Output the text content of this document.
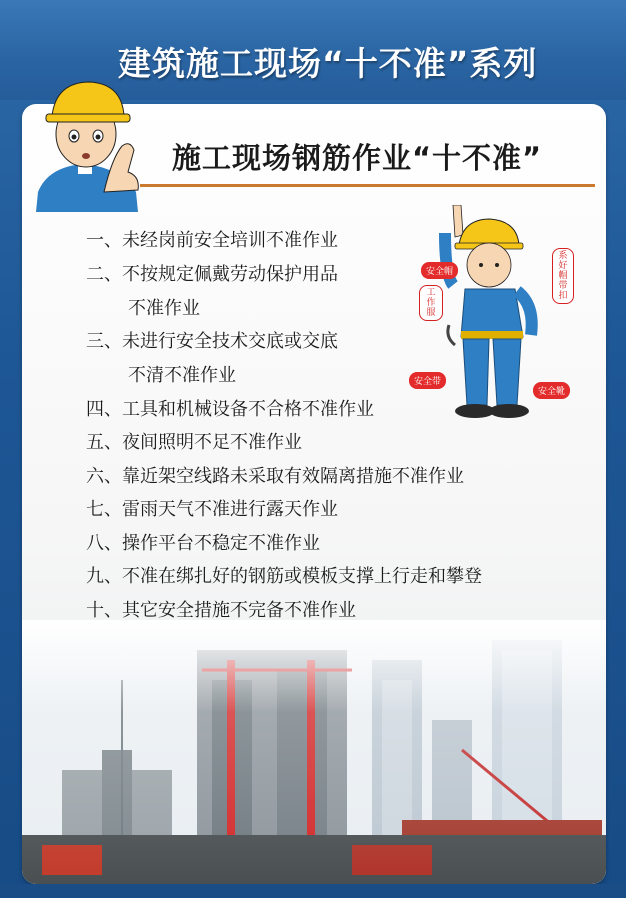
建筑施工现场“十不准”系列
安全帽
工作服
系好帽带扣
安全带
安全靴
施工现场钢筋作业“十不准”
一、未经岗前安全培训不准作业
二、不按规定佩戴劳动保护用品
不准作业
三、未进行安全技术交底或交底
不清不准作业
四、工具和机械设备不合格不准作业
五、夜间照明不足不准作业
六、靠近架空线路未采取有效隔离措施不准作业
七、雷雨天气不准进行露天作业
八、操作平台不稳定不准作业
九、不准在绑扎好的钢筋或模板支撑上行走和攀登
十、其它安全措施不完备不准作业
